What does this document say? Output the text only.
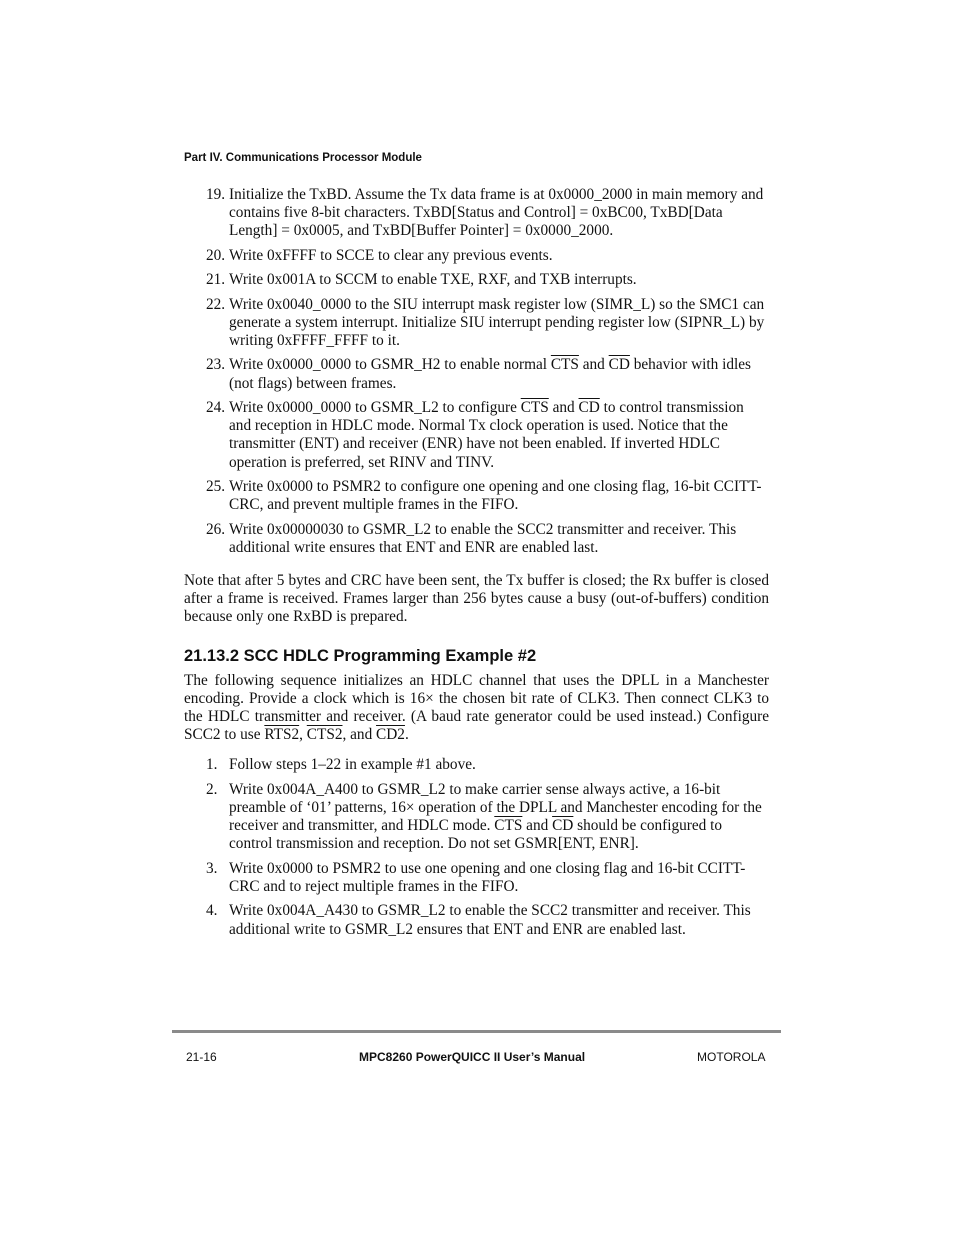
Part IV. Communications Processor Module
19. Initialize the TxBD. Assume the Tx data frame is at 0x0000_2000 in main memory and contains five 8-bit characters. TxBD[Status and Control] = 0xBC00, TxBD[Data Length] = 0x0005, and TxBD[Buffer Pointer] = 0x0000_2000.
20. Write 0xFFFF to SCCE to clear any previous events.
21. Write 0x001A to SCCM to enable TXE, RXF, and TXB interrupts.
22. Write 0x0040_0000 to the SIU interrupt mask register low (SIMR_L) so the SMC1 can generate a system interrupt. Initialize SIU interrupt pending register low (SIPNR_L) by writing 0xFFFF_FFFF to it.
23. Write 0x0000_0000 to GSMR_H2 to enable normal $\overline{CTS}$ and $\overline{CD}$ behavior with idles (not flags) between frames.
24. Write 0x0000_0000 to GSMR_L2 to configure $\overline{CTS}$ and $\overline{CD}$ to control transmission and reception in HDLC mode. Normal Tx clock operation is used. Notice that the transmitter (ENT) and receiver (ENR) have not been enabled. If inverted HDLC operation is preferred, set RINV and TINV.
25. Write 0x0000 to PSMR2 to configure one opening and one closing flag, 16-bit CCITT-CRC, and prevent multiple frames in the FIFO.
26. Write 0x00000030 to GSMR_L2 to enable the SCC2 transmitter and receiver. This additional write ensures that ENT and ENR are enabled last.

Note that after 5 bytes and CRC have been sent, the Tx buffer is closed; the Rx buffer is closed after a frame is received. Frames larger than 256 bytes cause a busy (out-of-buffers) condition because only one RxBD is prepared.

21.13.2 SCC HDLC Programming Example #2

The following sequence initializes an HDLC channel that uses the DPLL in a Manchester encoding. Provide a clock which is 16× the chosen bit rate of CLK3. Then connect CLK3 to the HDLC transmitter and receiver. (A baud rate generator could be used instead.) Configure SCC2 to use RTS2, CTS2, and CD2.

1. Follow steps 1–22 in example #1 above.
2. Write 0x004A_A400 to GSMR_L2 to make carrier sense always active, a 16-bit preamble of ‘01’ patterns, 16× operation of the DPLL and Manchester encoding for the receiver and transmitter, and HDLC mode. $\overline{CTS}$ and $\overline{CD}$ should be configured to control transmission and reception. Do not set GSMR[ENT, ENR].
3. Write 0x0000 to PSMR2 to use one opening and one closing flag and 16-bit CCITT-CRC and to reject multiple frames in the FIFO.
4. Write 0x004A_A430 to GSMR_L2 to enable the SCC2 transmitter and receiver. This additional write to GSMR_L2 ensures that ENT and ENR are enabled last.
21-16	MPC8260 PowerQUICC II User’s Manual	MOTOROLA
